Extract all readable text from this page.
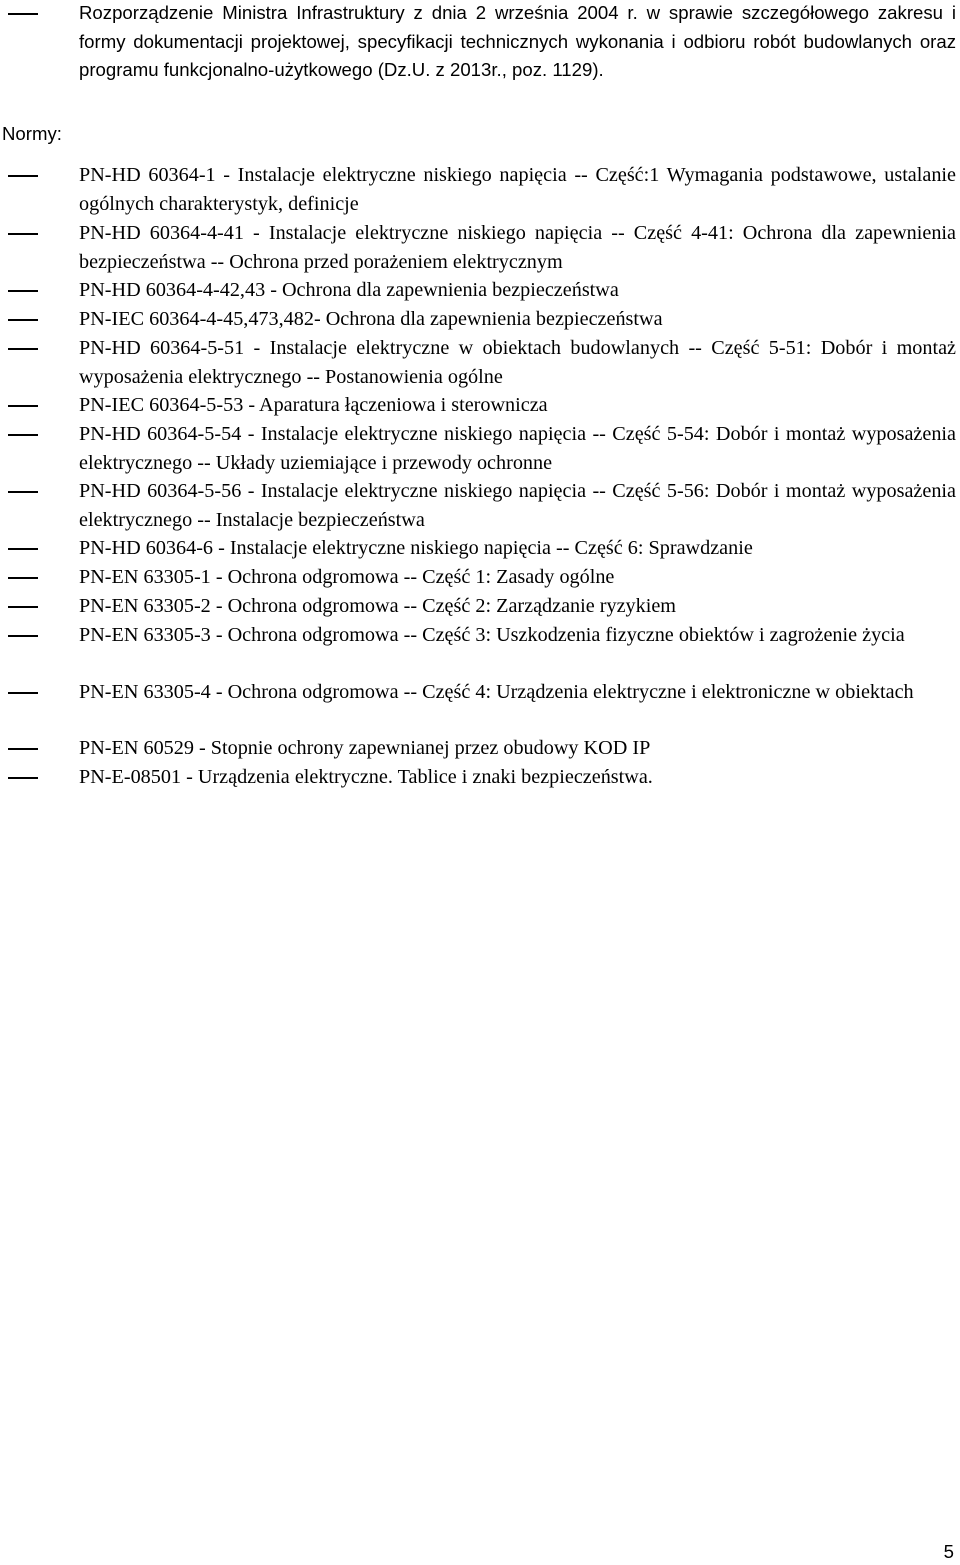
Rozporządzenie Ministra Infrastruktury z dnia 2 września 2004 r. w sprawie szczegółowego zakresu i formy dokumentacji projektowej, specyfikacji technicznych wykonania i odbioru robót budowlanych oraz programu funkcjonalno-użytkowego (Dz.U. z 2013r., poz. 1129).

Normy:

PN-HD 60364-1 - Instalacje elektryczne niskiego napięcia -- Część:1 Wymagania podstawowe, ustalanie ogólnych charakterystyk, definicje

PN-HD 60364-4-41 - Instalacje elektryczne niskiego napięcia -- Część 4-41: Ochrona dla zapewnienia bezpieczeństwa -- Ochrona przed porażeniem elektrycznym

PN-HD 60364-4-42,43 - Ochrona dla zapewnienia bezpieczeństwa

PN-IEC 60364-4-45,473,482- Ochrona dla zapewnienia bezpieczeństwa

PN-HD 60364-5-51 - Instalacje elektryczne w obiektach budowlanych -- Część 5-51: Dobór i montaż wyposażenia elektrycznego -- Postanowienia ogólne

PN-IEC 60364-5-53 - Aparatura łączeniowa i sterownicza

PN-HD 60364-5-54 - Instalacje elektryczne niskiego napięcia -- Część 5-54: Dobór i montaż wyposażenia elektrycznego -- Układy uziemiające i przewody ochronne

PN-HD 60364-5-56 - Instalacje elektryczne niskiego napięcia -- Część 5-56: Dobór i montaż wyposażenia elektrycznego -- Instalacje bezpieczeństwa

PN-HD 60364-6 - Instalacje elektryczne niskiego napięcia -- Część 6: Sprawdzanie

PN-EN 63305-1 - Ochrona odgromowa -- Część 1: Zasady ogólne

PN-EN 63305-2 - Ochrona odgromowa -- Część 2: Zarządzanie ryzykiem

PN-EN 63305-3 - Ochrona odgromowa -- Część 3: Uszkodzenia fizyczne obiektów i zagrożenie życia

PN-EN 63305-4 - Ochrona odgromowa -- Część 4: Urządzenia elektryczne i elektroniczne w obiektach

PN-EN 60529 - Stopnie ochrony zapewnianej przez obudowy KOD IP

PN-E-08501 - Urządzenia elektryczne. Tablice i znaki bezpieczeństwa.

5
